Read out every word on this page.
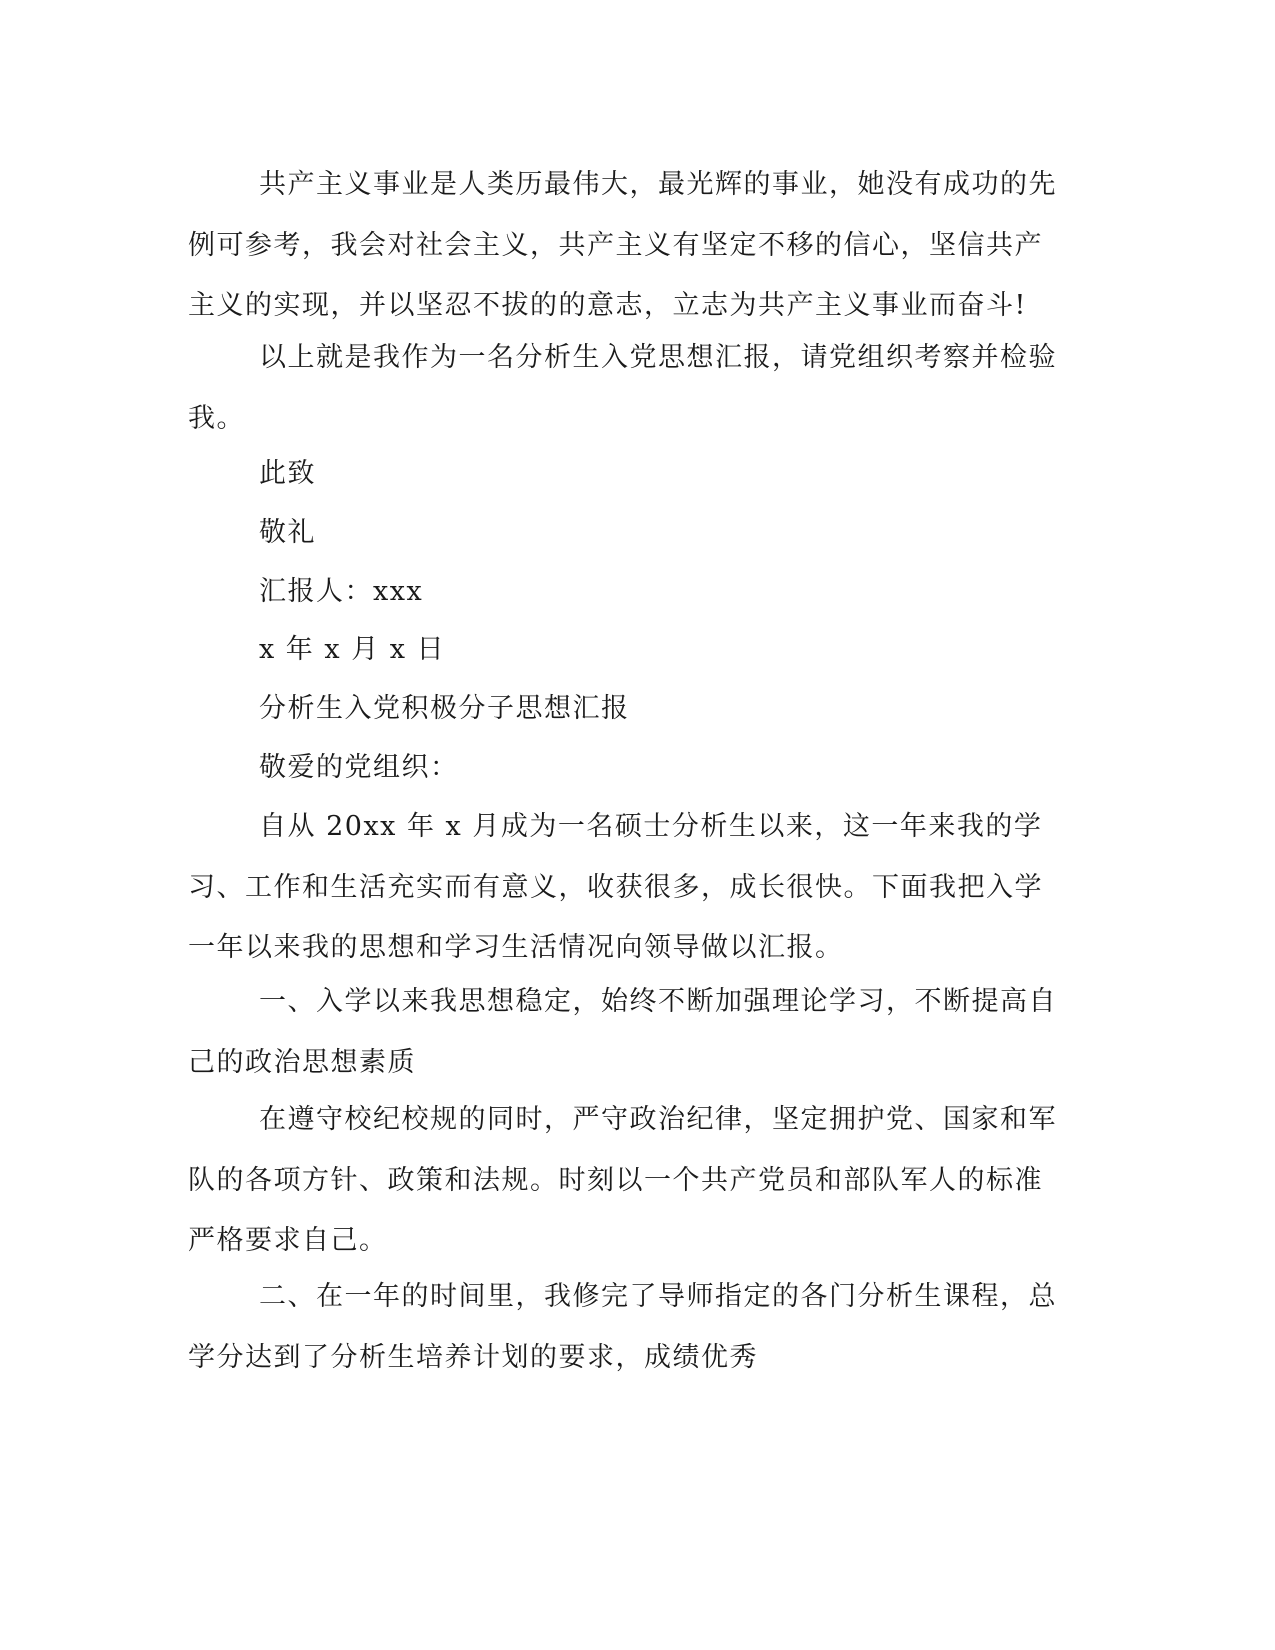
共产主义事业是人类历最伟大，最光辉的事业，她没有成功的先例可参考，我会对社会主义，共产主义有坚定不移的信心，坚信共产主义的实现，并以坚忍不拔的的意志，立志为共产主义事业而奋斗!
以上就是我作为一名分析生入党思想汇报，请党组织考察并检验我。
此致
敬礼
汇报人：xxx
x 年 x 月 x 日
分析生入党积极分子思想汇报
敬爱的党组织：
自从 20xx 年 x 月成为一名硕士分析生以来，这一年来我的学习、工作和生活充实而有意义，收获很多，成长很快。下面我把入学一年以来我的思想和学习生活情况向领导做以汇报。
一、入学以来我思想稳定，始终不断加强理论学习，不断提高自己的政治思想素质
在遵守校纪校规的同时，严守政治纪律，坚定拥护党、国家和军队的各项方针、政策和法规。时刻以一个共产党员和部队军人的标准严格要求自己。
二、在一年的时间里，我修完了导师指定的各门分析生课程，总学分达到了分析生培养计划的要求，成绩优秀
